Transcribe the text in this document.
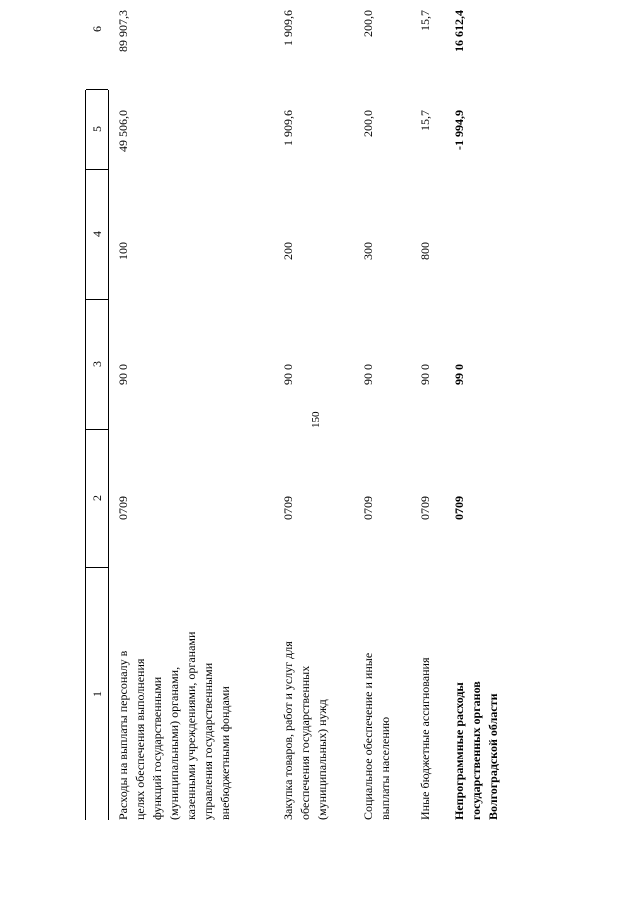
150
1
2
3
4
5
6
Расходы на выплаты персоналу в целях обеспечения выполнения функций государственными (муниципальными) органами, казенными учреждениями, органами управления государственными внебюджетными фондами
0709
90 0
100
49 506,0
89 907,3
Закупка товаров, работ и услуг для обеспечения государственных (муниципальных) нужд
0709
90 0
200
1 909,6
1 909,6
Социальное обеспечение и иные выплаты населению
0709
90 0
300
200,0
200,0
Иные бюджетные ассигнования
0709
90 0
800
15,7
15,7
Непрограммные расходы государственных органов Волгоградской области
0709
99 0
-1 994,9
16 612,4
